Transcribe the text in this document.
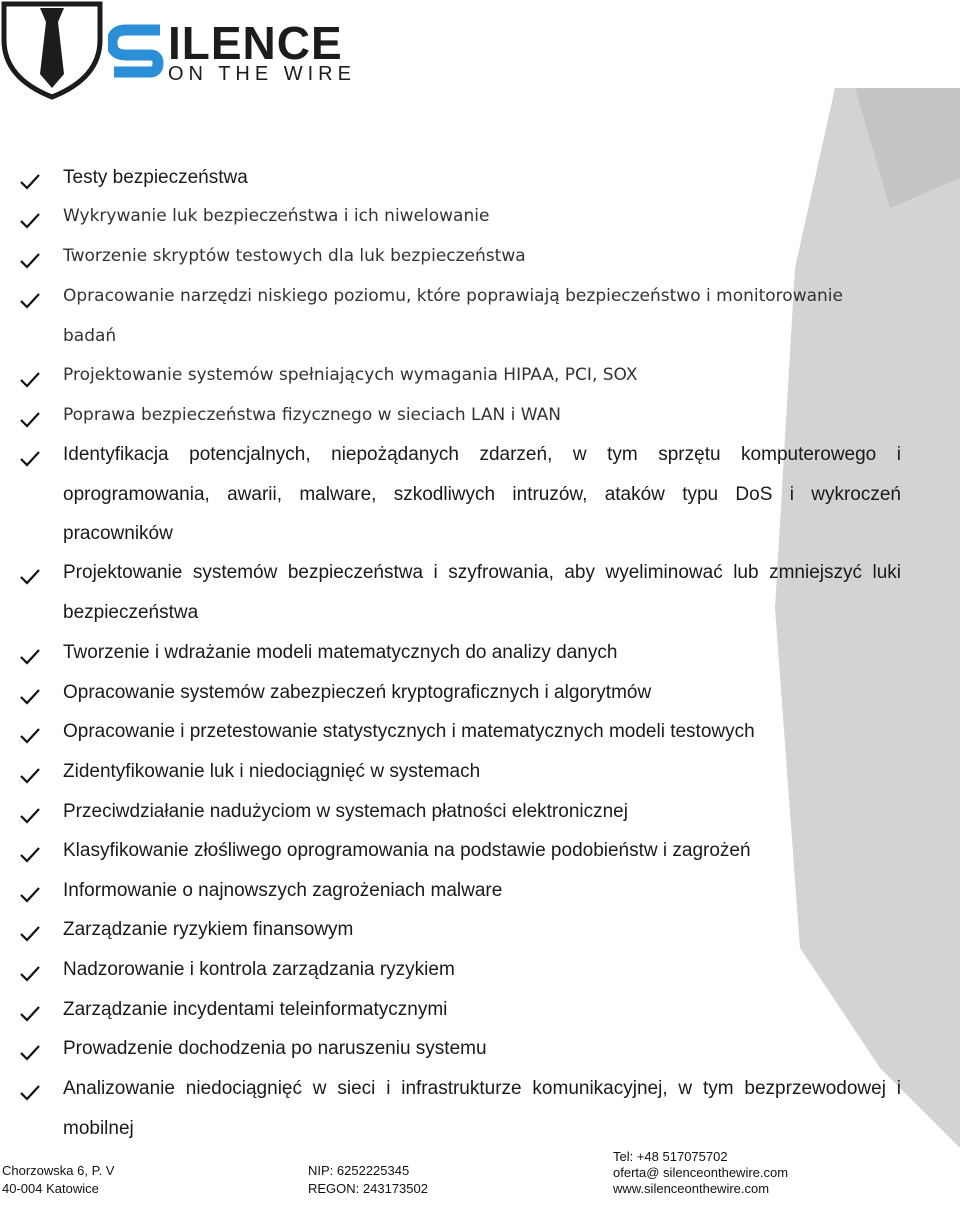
ILENCE
ON THE WIRE
Testy bezpieczeństwa
Wykrywanie luk bezpieczeństwa i ich niwelowanie
Tworzenie skryptów testowych dla luk bezpieczeństwa
Opracowanie narzędzi niskiego poziomu, które poprawiają bezpieczeństwo i monitorowanie badań
Projektowanie systemów spełniających wymagania HIPAA, PCI, SOX
Poprawa bezpieczeństwa fizycznego w sieciach LAN i WAN
Identyfikacja potencjalnych, niepożądanych zdarzeń, w tym sprzętu komputerowego i oprogramowania, awarii, malware, szkodliwych intruzów, ataków typu DoS i wykroczeń pracowników
Projektowanie systemów bezpieczeństwa i szyfrowania, aby wyeliminować lub zmniejszyć luki bezpieczeństwa
Tworzenie i wdrażanie modeli matematycznych do analizy danych
Opracowanie systemów zabezpieczeń kryptograficznych i algorytmów
Opracowanie i przetestowanie statystycznych i matematycznych modeli testowych
Zidentyfikowanie luk i niedociągnięć w systemach
Przeciwdziałanie nadużyciom w systemach płatności elektronicznej
Klasyfikowanie złośliwego oprogramowania na podstawie podobieństw i zagrożeń
Informowanie o najnowszych zagrożeniach malware
Zarządzanie ryzykiem finansowym
Nadzorowanie i kontrola zarządzania ryzykiem
Zarządzanie incydentami teleinformatycznymi
Prowadzenie dochodzenia po naruszeniu systemu
Analizowanie niedociągnięć w sieci i infrastrukturze komunikacyjnej, w tym bezprzewodowej i mobilnej
Chorzowska 6, P. V
40-004 Katowice
NIP: 6252225345
REGON: 243173502
Tel: +48 517075702
oferta@ silenceonthewire.com
www.silenceonthewire.com
